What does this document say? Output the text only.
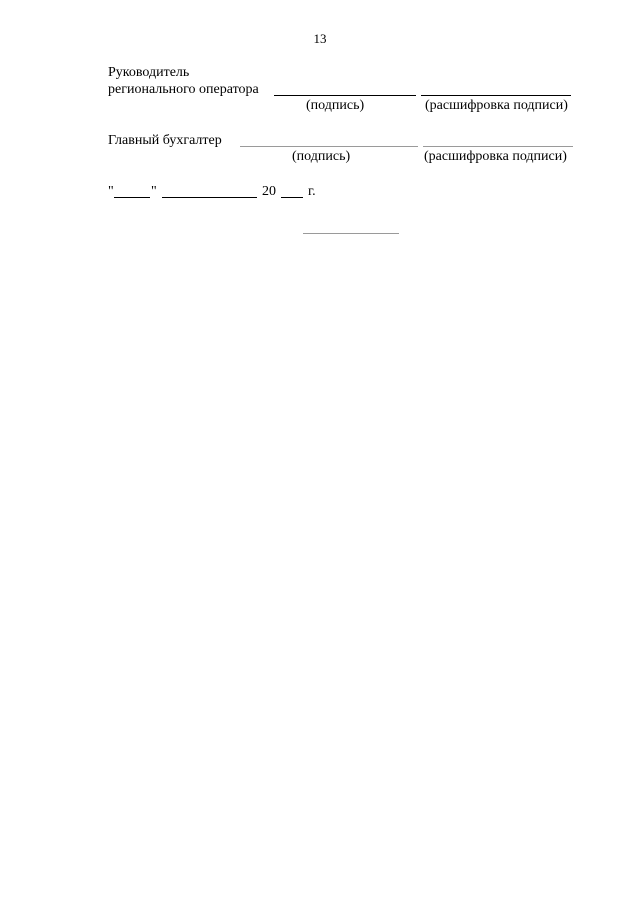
13
Руководитель
регионального оператора
(подпись)	(расшифровка подписи)
Главный бухгалтер
(подпись)	(расшифровка подписи)
"	"	20 г.
